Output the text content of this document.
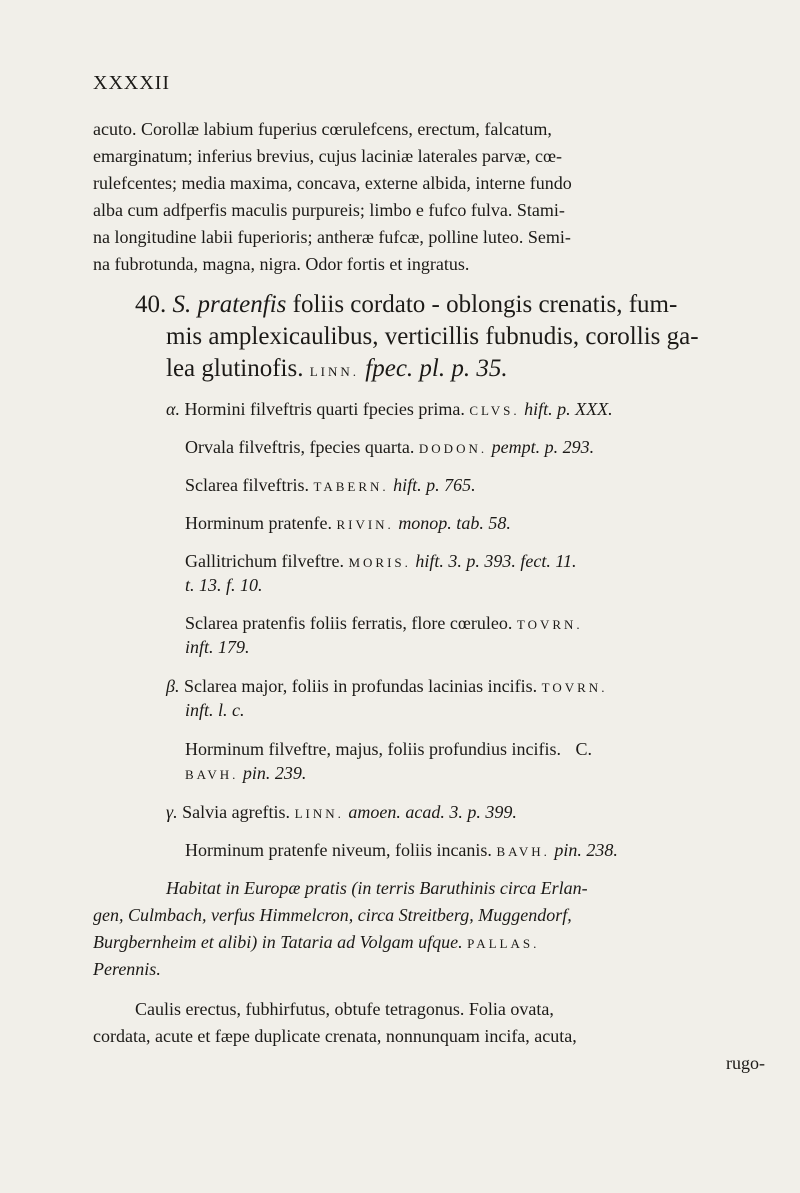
XXXXII
acuto. Corollæ labium fuperius cœrulefcens, erectum, falcatum,
emarginatum; inferius brevius, cujus laciniæ laterales parvæ, cœ-
rulefcentes; media maxima, concava, externe albida, interne fundo
alba cum adfperfis maculis purpureis; limbo e fufco fulva. Stami-
na longitudine labii fuperioris; antheræ fufcæ, polline luteo. Semi-
na fubrotunda, magna, nigra. Odor fortis et ingratus.
40. S. pratenfis foliis cordato - oblongis crenatis, fum-
mis amplexicaulibus, verticillis fubnudis, corollis ga-
lea glutinofis. LINN. fpec. pl. p. 35.
α. Hormini filveftris quarti fpecies prima. CLVS. hift. p. XXX.
Orvala filveftris, fpecies quarta. DODON. pempt. p. 293.
Sclarea filveftris. TABERN. hift. p. 765.
Horminum pratenfe. RIVIN. monop. tab. 58.
Gallitrichum filveftre. MORIS. hift. 3. p. 393. fect. 11.
t. 13. f. 10.
Sclarea pratenfis foliis ferratis, flore cœruleo. TOVRN.
inft. 179.
β. Sclarea major, foliis in profundas lacinias incifis. TOVRN.
inft. l. c.
Horminum filveftre, majus, foliis profundius incifis. C.
BAVH. pin. 239.
γ. Salvia agreftis. LINN. amoen. acad. 3. p. 399.
Horminum pratenfe niveum, foliis incanis. BAVH. pin. 238.
Habitat in Europæ pratis (in terris Baruthinis circa Erlan-
gen, Culmbach, verfus Himmelcron, circa Streitberg, Muggendorf,
Burgbernheim et alibi) in Tataria ad Volgam ufque. PALLAS.
Perennis.
Caulis erectus, fubhirfutus, obtufe tetragonus. Folia ovata,
cordata, acute et fæpe duplicate crenata, nonnunquam incifa, acuta,
rugo-
